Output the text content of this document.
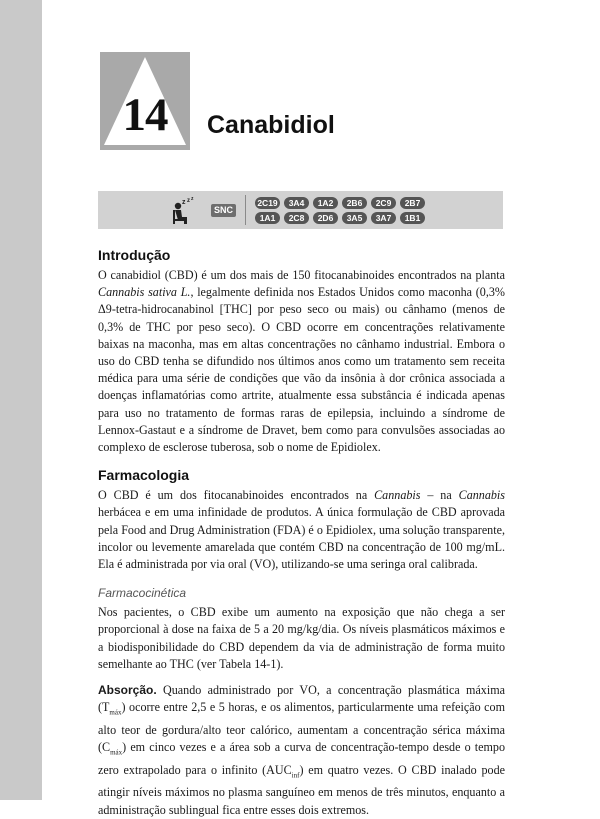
14	Canabidiol
z z z
SNC
2C19	3A4	1A2	2B6	2C9	2B7
1A1	2C8	2D6	3A5	3A7	1B1
Introdução

O canabidiol (CBD) é um dos mais de 150 fitocanabinoides encontrados na planta Cannabis sativa L., legalmente definida nos Estados Unidos como maconha (0,3% Δ9-tetra-hidrocanabinol [THC] por peso seco ou mais) ou cânhamo (menos de 0,3% de THC por peso seco). O CBD ocorre em concentrações relativamente baixas na maconha, mas em altas concentrações no cânhamo industrial. Embora o uso do CBD tenha se difundido nos últimos anos como um tratamento sem receita médica para uma série de condições que vão da insônia à dor crônica associada a doenças inflamatórias como artrite, atualmente essa substância é indicada apenas para uso no tratamento de formas raras de epilepsia, incluindo a síndrome de Lennox-Gastaut e a síndrome de Dravet, bem como para convulsões associadas ao complexo de esclerose tuberosa, sob o nome de Epidiolex.

Farmacologia

O CBD é um dos fitocanabinoides encontrados na Cannabis – na Cannabis herbácea e em uma infinidade de produtos. A única formulação de CBD aprovada pela Food and Drug Administration (FDA) é o Epidiolex, uma solução transparente, incolor ou levemente amarelada que contém CBD na concentração de 100 mg/mL. Ela é administrada por via oral (VO), utilizando-se uma seringa oral calibrada.

Farmacocinética

Nos pacientes, o CBD exibe um aumento na exposição que não chega a ser proporcional à dose na faixa de 5 a 20 mg/kg/dia. Os níveis plasmáticos máximos e a biodisponibilidade do CBD dependem da via de administração de forma muito semelhante ao THC (ver Tabela 14-1).

Absorção. Quando administrado por VO, a concentração plasmática máxima $(T_{máx})$ ocorre entre 2,5 e 5 horas, e os alimentos, particularmente uma refeição com alto teor de gordura/alto teor calórico, aumentam a concentração sérica máxima $(C_{máx})$ em cinco vezes e a área sob a curva de concentração-tempo desde o tempo zero extrapolado para o infinito $(AUC_{inf})$ em quatro vezes. O CBD inalado pode atingir níveis máximos no plasma sanguíneo em menos de três minutos, enquanto a administração sublingual fica entre esses dois extremos.
